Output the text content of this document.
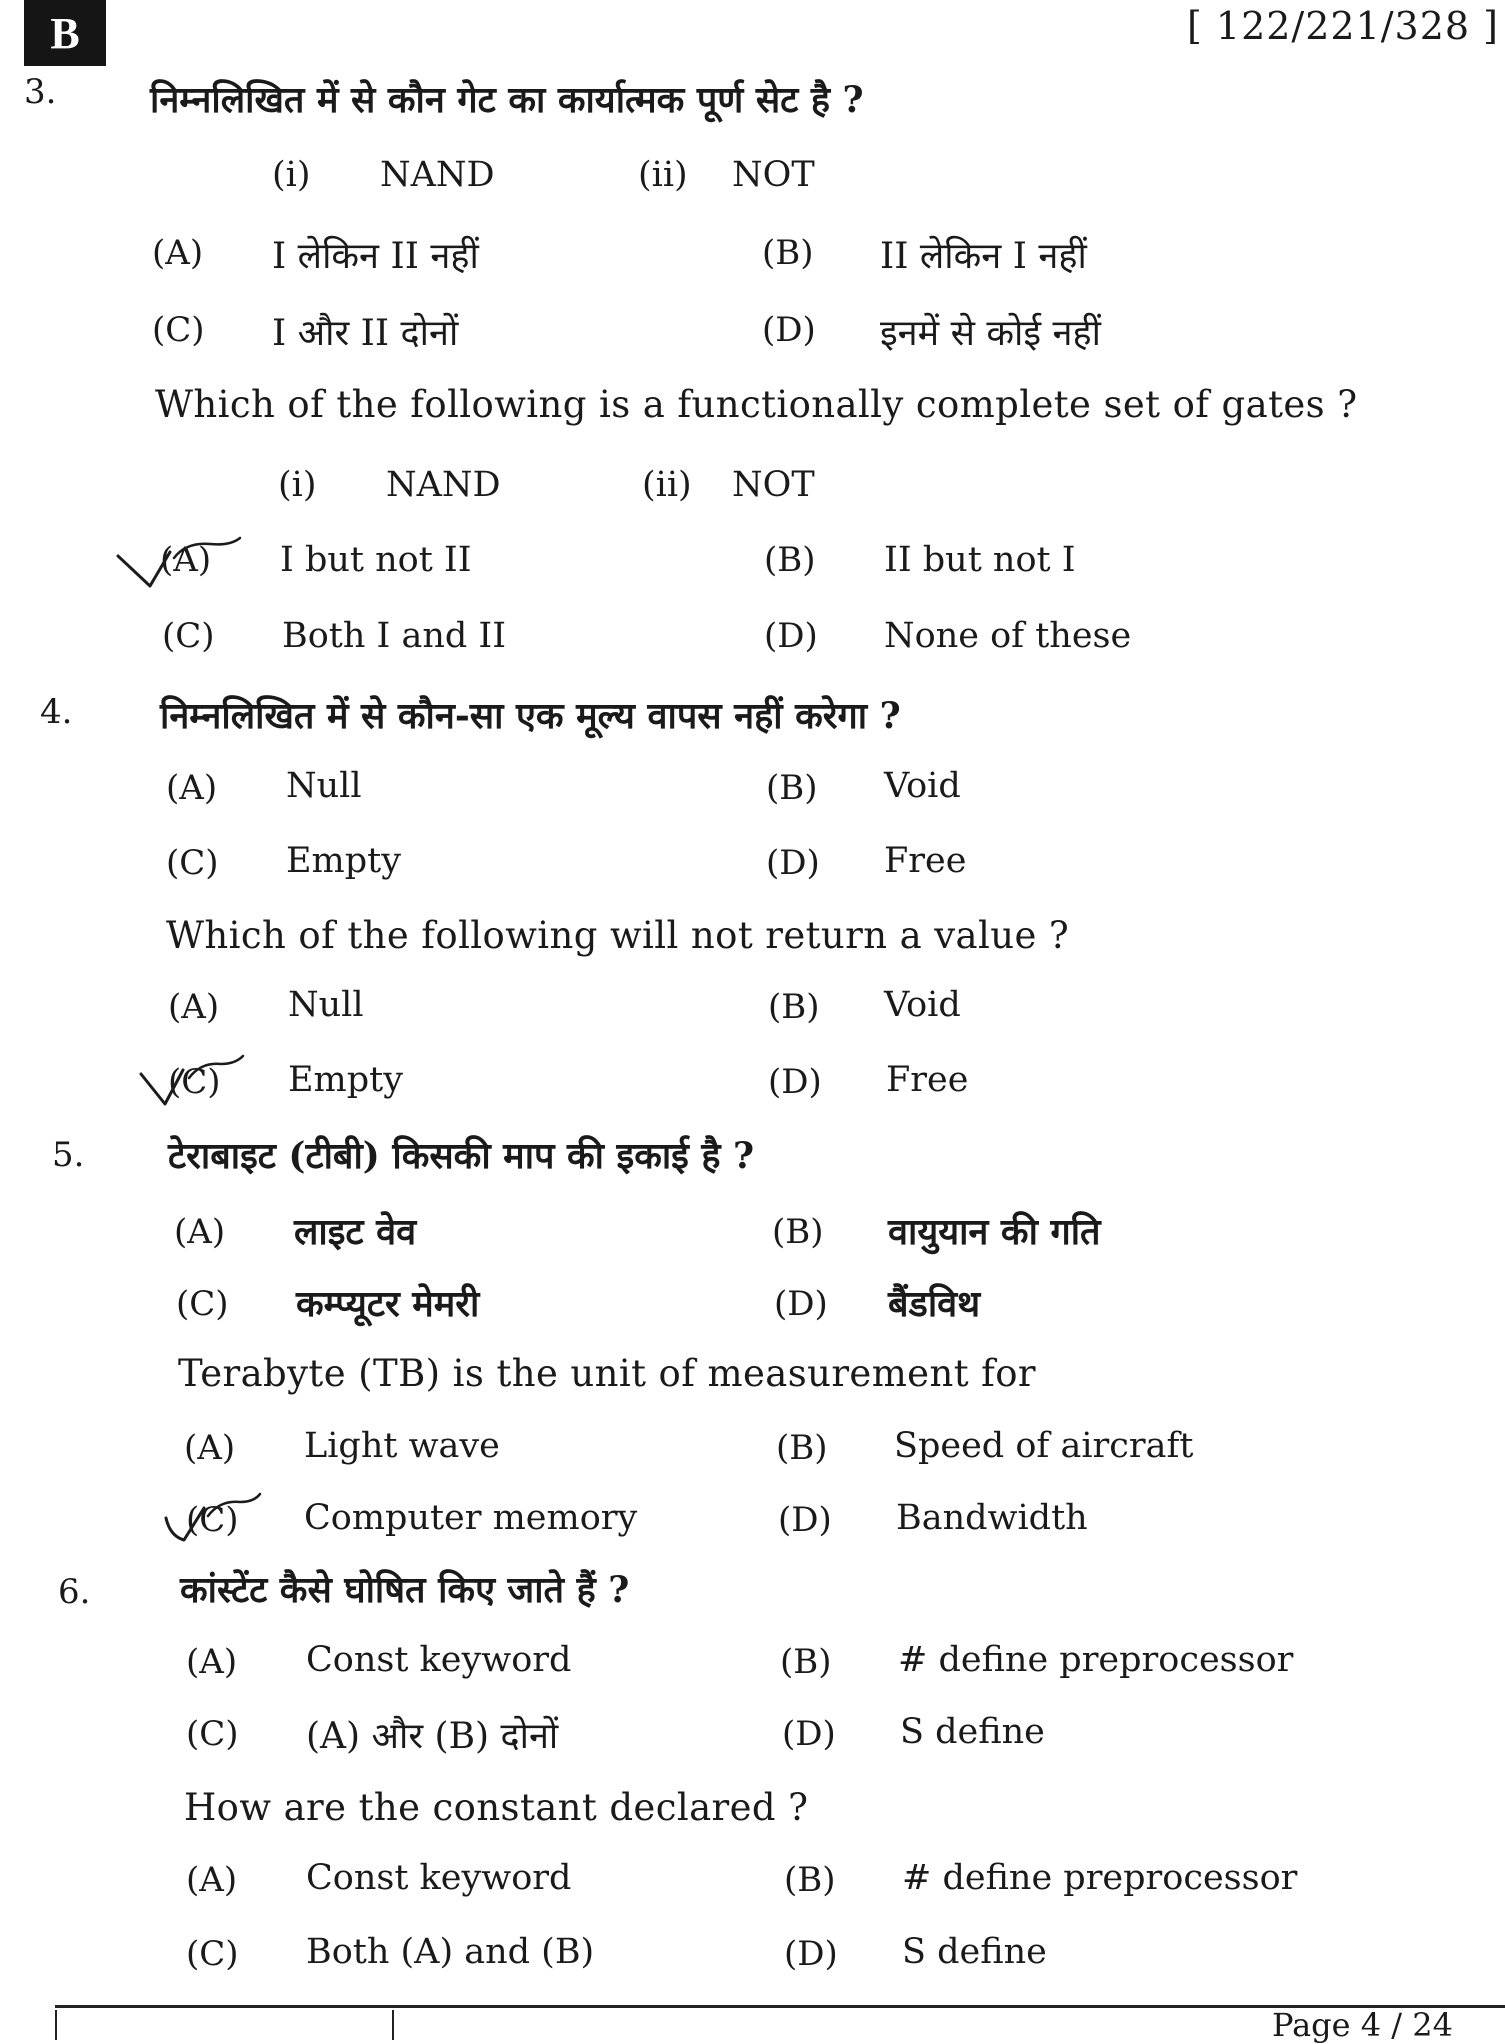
B	[ 122/221/328 ]
3.	निम्नलिखित में से कौन गेट का कार्यात्मक पूर्ण सेट है ?
(i) NAND	(ii) NOT
(A) I लेकिन II नहीं	(B) II लेकिन I नहीं
(C) I और II दोनों	(D) इनमें से कोई नहीं
Which of the following is a functionally complete set of gates ?
(i) NAND	(ii) NOT
(A) I but not II	(B) II but not I
(C) Both I and II	(D) None of these
4. निम्नलिखित में से कौन-सा एक मूल्य वापस नहीं करेगा ?
(A) Null	(B) Void
(C) Empty	(D) Free
Which of the following will not return a value ?
(A) Null	(B) Void
(C) Empty	(D) Free
5. टेराबाइट (टीबी) किसकी माप की इकाई है ?
(A) लाइट वेव	(B) वायुयान की गति
(C) कम्प्यूटर मेमरी	(D) बैंडविथ
Terabyte (TB) is the unit of measurement for
(A) Light wave	(B) Speed of aircraft
(C) Computer memory	(D) Bandwidth
6. कांस्टेंट कैसे घोषित किए जाते हैं ?
(A) Const keyword	(B) # define preprocessor
(C) (A) और (B) दोनों	(D) S define
How are the constant declared ?
(A) Const keyword	(B) # define preprocessor
(C) Both (A) and (B)	(D) S define
Page 4 / 24
